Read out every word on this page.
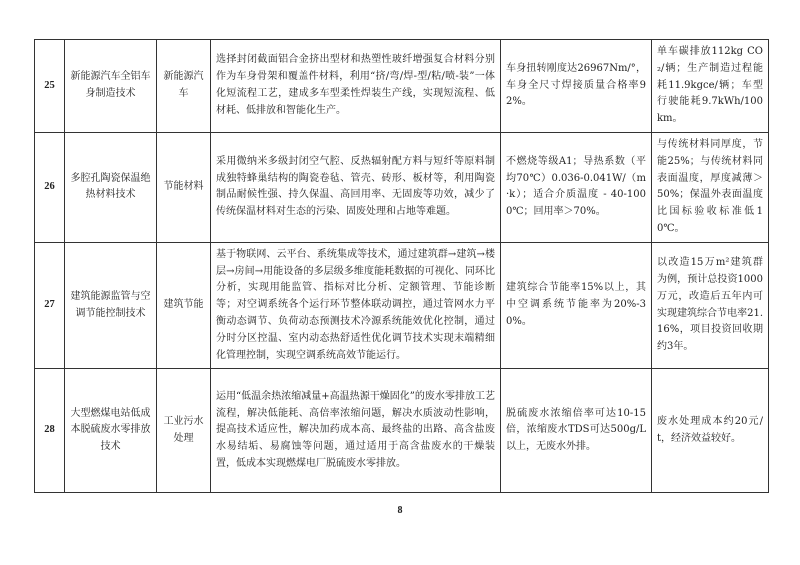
25	新能源汽车全铝车身制造技术	新能源汽车	选择封闭截面铝合金挤出型材和热塑性玻纤增强复合材料分别作为车身骨架和覆盖件材料，利用“挤/弯/焊-型/粘/喷-装”一体化短流程工艺，建成多车型柔性焊装生产线，实现短流程、低材耗、低排放和智能化生产。	车身扭转刚度达26967Nm/°，车身全尺寸焊接质量合格率92%。	单车碳排放112kg CO₂/辆；生产制造过程能耗11.9kgce/辆；车型行驶能耗9.7kWh/100km。
26	多腔孔陶瓷保温绝热材料技术	节能材料	采用微纳米多级封闭空气腔、反热辐射配方料与短纤等原料制成独特蜂巢结构的陶瓷卷毡、管壳、砖形、板材等，利用陶瓷制品耐候性强、持久保温、高回用率、无固废等功效，减少了传统保温材料对生态的污染、固废处理和占地等难题。	不燃烧等级A1；导热系数（平均70℃）0.036-0.041W/（m·k）；适合介质温度 - 40-1000℃；回用率＞70%。	与传统材料同厚度，节能25%；与传统材料同表面温度，厚度减薄＞50%；保温外表面温度比国标验收标准低10℃。
27	建筑能源监管与空调节能控制技术	建筑节能	基于物联网、云平台、系统集成等技术，通过建筑群→建筑→楼层→房间→用能设备的多层级多维度能耗数据的可视化、同环比分析，实现用能监管、指标对比分析、定额管理、节能诊断等；对空调系统各个运行环节整体联动调控，通过管网水力平衡动态调节、负荷动态预测技术冷源系统能效优化控制，通过分时分区控温、室内动态热舒适性优化调节技术实现末端精细化管理控制，实现空调系统高效节能运行。	建筑综合节能率15%以上，其中空调系统节能率为20%-30%。	以改造15万m²建筑群为例，预计总投资1000万元，改造后五年内可实现建筑综合节电率21.16%，项目投资回收期约3年。
28	大型燃煤电站低成本脱硫废水零排放技术	工业污水处理	运用“低温余热浓缩减量+高温热源干燥固化”的废水零排放工艺流程，解决低能耗、高倍率浓缩问题，解决水质波动性影响，提高技术适应性，解决加药成本高、最终盐的出路、高含盐废水易结垢、易腐蚀等问题，通过适用于高含盐废水的干燥装置，低成本实现燃煤电厂脱硫废水零排放。	脱硫废水浓缩倍率可达10-15倍，浓缩废水TDS可达500g/L以上，无废水外排。	废水处理成本约20元/t，经济效益较好。
8
